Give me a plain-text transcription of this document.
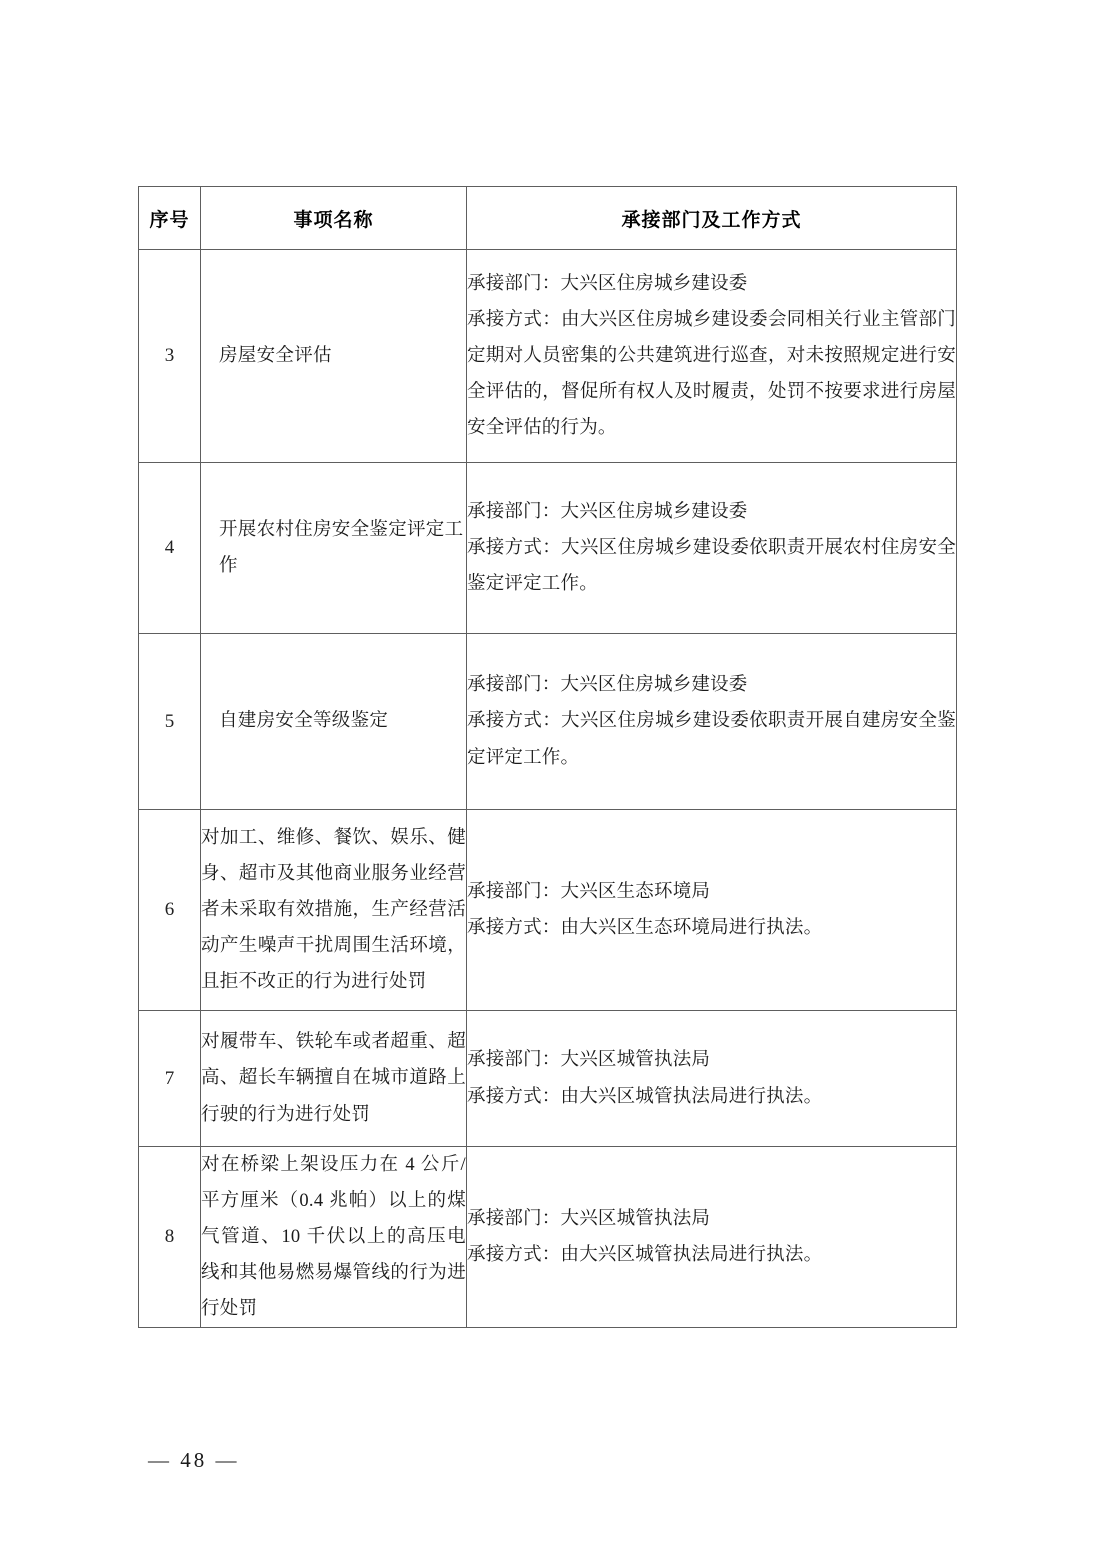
序号	事项名称	承接部门及工作方式
3	房屋安全评估	承接部门：大兴区住房城乡建设委

承接方式：由大兴区住房城乡建设委会同相关行业主管部门定期对人员密集的公共建筑进行巡查，对未按照规定进行安全评估的，督促所有权人及时履责，处罚不按要求进行房屋安全评估的行为。

4	开展农村住房安全鉴定评定工作	承接部门：大兴区住房城乡建设委

承接方式：大兴区住房城乡建设委依职责开展农村住房安全鉴定评定工作。

5	自建房安全等级鉴定	承接部门：大兴区住房城乡建设委

承接方式：大兴区住房城乡建设委依职责开展自建房安全鉴定评定工作。

6	对加工、维修、餐饮、娱乐、健身、超市及其他商业服务业经营者未采取有效措施，生产经营活动产生噪声干扰周围生活环境，且拒不改正的行为进行处罚	承接部门：大兴区生态环境局

承接方式：由大兴区生态环境局进行执法。

7	对履带车、铁轮车或者超重、超高、超长车辆擅自在城市道路上行驶的行为进行处罚	承接部门：大兴区城管执法局

承接方式：由大兴区城管执法局进行执法。

8	对在桥梁上架设压力在 4 公斤/平方厘米（0.4 兆帕）以上的煤气管道、10 千伏以上的高压电线和其他易燃易爆管线的行为进行处罚	承接部门：大兴区城管执法局

承接方式：由大兴区城管执法局进行执法。

— 48 —
